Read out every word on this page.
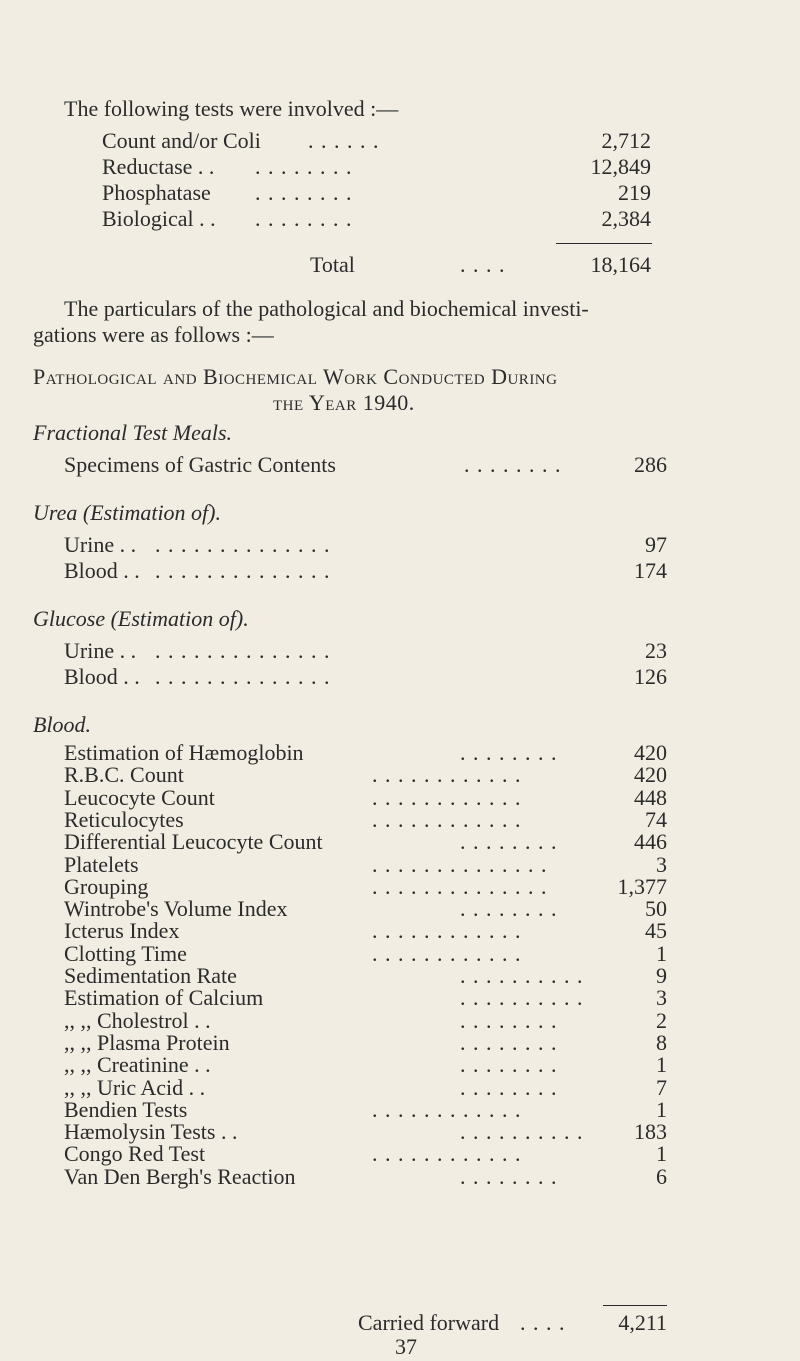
The following tests were involved :—
Count and/or Coli . . . . . .	2,712
Reductase . . . . . . . . . .	12,849
Phosphatase . . . . . . . .	219
Biological . . . . . . . . . .	2,384
Total	. . . .	18,164
The particulars of the pathological and biochemical investi-
gations were as follows :—
Pathological and Biochemical Work Conducted During
the Year 1940.
Fractional Test Meals.
Specimens of Gastric Contents	. . . . . . . .	286
Urea (Estimation of).
Urine . . . . . . . . . . . . . . . .	97
Blood . . . . . . . . . . . . . . . .	174
Glucose (Estimation of).
Urine . . . . . . . . . . . . . . . .	23
Blood . . . . . . . . . . . . . . . .	126
Blood.
Estimation of Hæmoglobin	. . . . . . . .	420
R.B.C. Count	. . . . . . . . . . . .	420
Leucocyte Count	. . . . . . . . . . . .	448
Reticulocytes	. . . . . . . . . . . .	74
Differential Leucocyte Count	. . . . . . . .	446
Platelets	. . . . . . . . . . . . . .	3
Grouping	. . . . . . . . . . . . . .	1,377
Wintrobe's Volume Index	. . . . . . . .	50
Icterus Index	. . . . . . . . . . . .	45
Clotting Time	. . . . . . . . . . . .	1
Sedimentation Rate	. . . . . . . . . .	9
Estimation of Calcium	. . . . . . . . . .	3
,, ,, Cholestrol . .	. . . . . . . .	2
,, ,, Plasma Protein	. . . . . . . .	8
,, ,, Creatinine . .	. . . . . . . .	1
,, ,, Uric Acid . .	. . . . . . . .	7
Bendien Tests	. . . . . . . . . . . .	1
Hæmolysin Tests . .	. . . . . . . . . . 183
Congo Red Test	. . . . . . . . . . . .	1
Van Den Bergh's Reaction	. . . . . . . .	6
Carried forward . . . . 4,211
37
